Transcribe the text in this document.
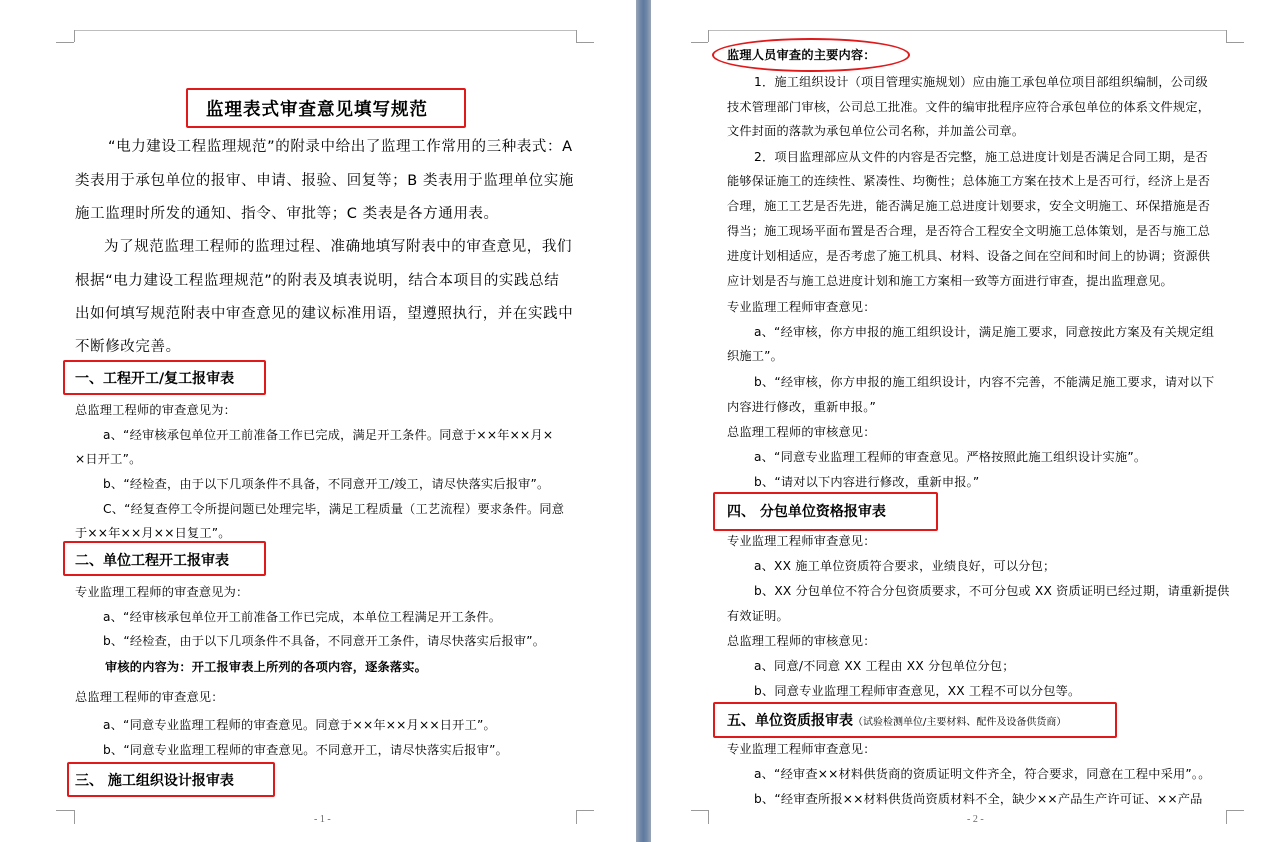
监理表式审查意见填写规范
“电力建设工程监理规范”的附录中给出了监理工作常用的三种表式：A
类表用于承包单位的报审、申请、报验、回复等；B 类表用于监理单位实施
施工监理时所发的通知、指令、审批等；C 类表是各方通用表。
为了规范监理工程师的监理过程、准确地填写附表中的审查意见，我们
根据“电力建设工程监理规范”的附表及填表说明，结合本项目的实践总结
出如何填写规范附表中审查意见的建议标准用语，望遵照执行，并在实践中
不断修改完善。
一、工程开工/复工报审表
总监理工程师的审查意见为：
a、“经审核承包单位开工前准备工作已完成，满足开工条件。同意于××年××月×
×日开工”。
b、“经检查，由于以下几项条件不具备，不同意开工/竣工，请尽快落实后报审”。
C、“经复查停工令所提问题已处理完毕，满足工程质量（工艺流程）要求条件。同意
于××年××月××日复工”。
二、单位工程开工报审表
专业监理工程师的审查意见为：
a、“经审核承包单位开工前准备工作已完成，本单位工程满足开工条件。
b、“经检查，由于以下几项条件不具备，不同意开工条件，请尽快落实后报审”。
审核的内容为：开工报审表上所列的各项内容，逐条落实。
总监理工程师的审查意见：
a、“同意专业监理工程师的审查意见。同意于××年××月××日开工”。
b、“同意专业监理工程师的审查意见。不同意开工，请尽快落实后报审”。
三、 施工组织设计报审表
- 1 -
监理人员审查的主要内容：
1．施工组织设计（项目管理实施规划）应由施工承包单位项目部组织编制，公司级
技术管理部门审核，公司总工批准。文件的编审批程序应符合承包单位的体系文件规定，
文件封面的落款为承包单位公司名称，并加盖公司章。
2．项目监理部应从文件的内容是否完整，施工总进度计划是否满足合同工期，是否
能够保证施工的连续性、紧凑性、均衡性；总体施工方案在技术上是否可行，经济上是否
合理，施工工艺是否先进，能否满足施工总进度计划要求，安全文明施工、环保措施是否
得当；施工现场平面布置是否合理，是否符合工程安全文明施工总体策划，是否与施工总
进度计划相适应，是否考虑了施工机具、材料、设备之间在空间和时间上的协调；资源供
应计划是否与施工总进度计划和施工方案相一致等方面进行审查，提出监理意见。
专业监理工程师审查意见：
a、“经审核，你方申报的施工组织设计，满足施工要求，同意按此方案及有关规定组
织施工”。
b、“经审核，你方申报的施工组织设计，内容不完善，不能满足施工要求，请对以下
内容进行修改，重新申报。”
总监理工程师的审核意见：
a、“同意专业监理工程师的审查意见。严格按照此施工组织设计实施”。
b、“请对以下内容进行修改，重新申报。”
四、 分包单位资格报审表
专业监理工程师审查意见：
a、XX 施工单位资质符合要求，业绩良好，可以分包；
b、XX 分包单位不符合分包资质要求，不可分包或 XX 资质证明已经过期，请重新提供
有效证明。
总监理工程师的审核意见：
a、同意/不同意 XX 工程由 XX 分包单位分包；
b、同意专业监理工程师审查意见，XX 工程不可以分包等。
五、单位资质报审表（试验检测单位/主要材料、配件及设备供货商）
专业监理工程师审查意见：
a、“经审查××材料供货商的资质证明文件齐全，符合要求，同意在工程中采用”。。
b、“经审查所报××材料供货尚资质材料不全，缺少××产品生产许可证、××产品
- 2 -
